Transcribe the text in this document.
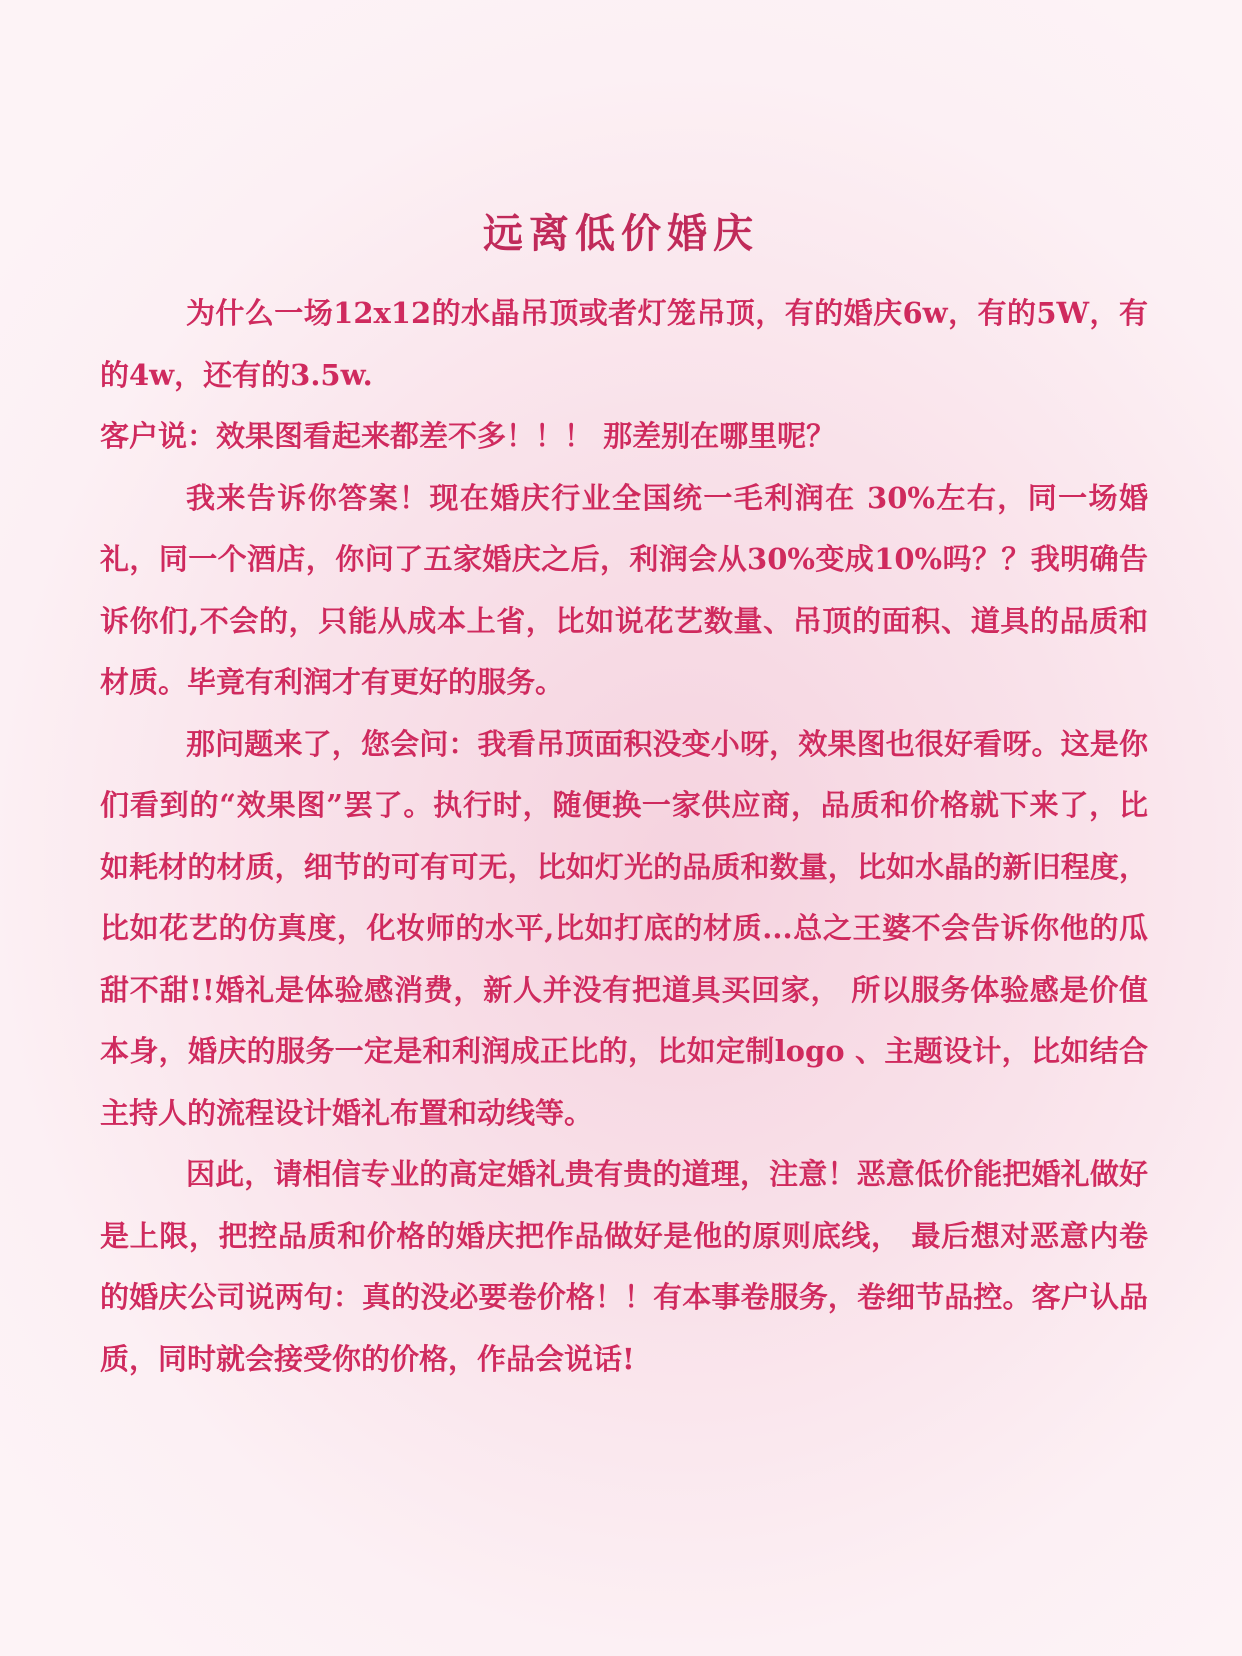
远离低价婚庆

为什么一场12x12的水晶吊顶或者灯笼吊顶，有的婚庆6w，有的5W，有的4w，还有的3.5w.

客户说：效果图看起来都差不多！！！ 那差别在哪里呢？

我来告诉你答案！现在婚庆行业全国统一毛利润在 30%左右，同一场婚礼，同一个酒店，你问了五家婚庆之后，利润会从30%变成10%吗？？我明确告诉你们,不会的，只能从成本上省，比如说花艺数量、吊顶的面积、道具的品质和材质。毕竟有利润才有更好的服务。

那问题来了，您会问：我看吊顶面积没变小呀，效果图也很好看呀。这是你们看到的“效果图”罢了。执行时，随便换一家供应商，品质和价格就下来了，比如耗材的材质，细节的可有可无，比如灯光的品质和数量，比如水晶的新旧程度，比如花艺的仿真度，化妆师的水平,比如打底的材质...总之王婆不会告诉你他的瓜甜不甜!!婚礼是体验感消费，新人并没有把道具买回家， 所以服务体验感是价值本身，婚庆的服务一定是和利润成正比的，比如定制logo 、主题设计，比如结合主持人的流程设计婚礼布置和动线等。

因此，请相信专业的高定婚礼贵有贵的道理，注意！恶意低价能把婚礼做好是上限，把控品质和价格的婚庆把作品做好是他的原则底线， 最后想对恶意内卷的婚庆公司说两句：真的没必要卷价格！！有本事卷服务，卷细节品控。客户认品质，同时就会接受你的价格，作品会说话!
